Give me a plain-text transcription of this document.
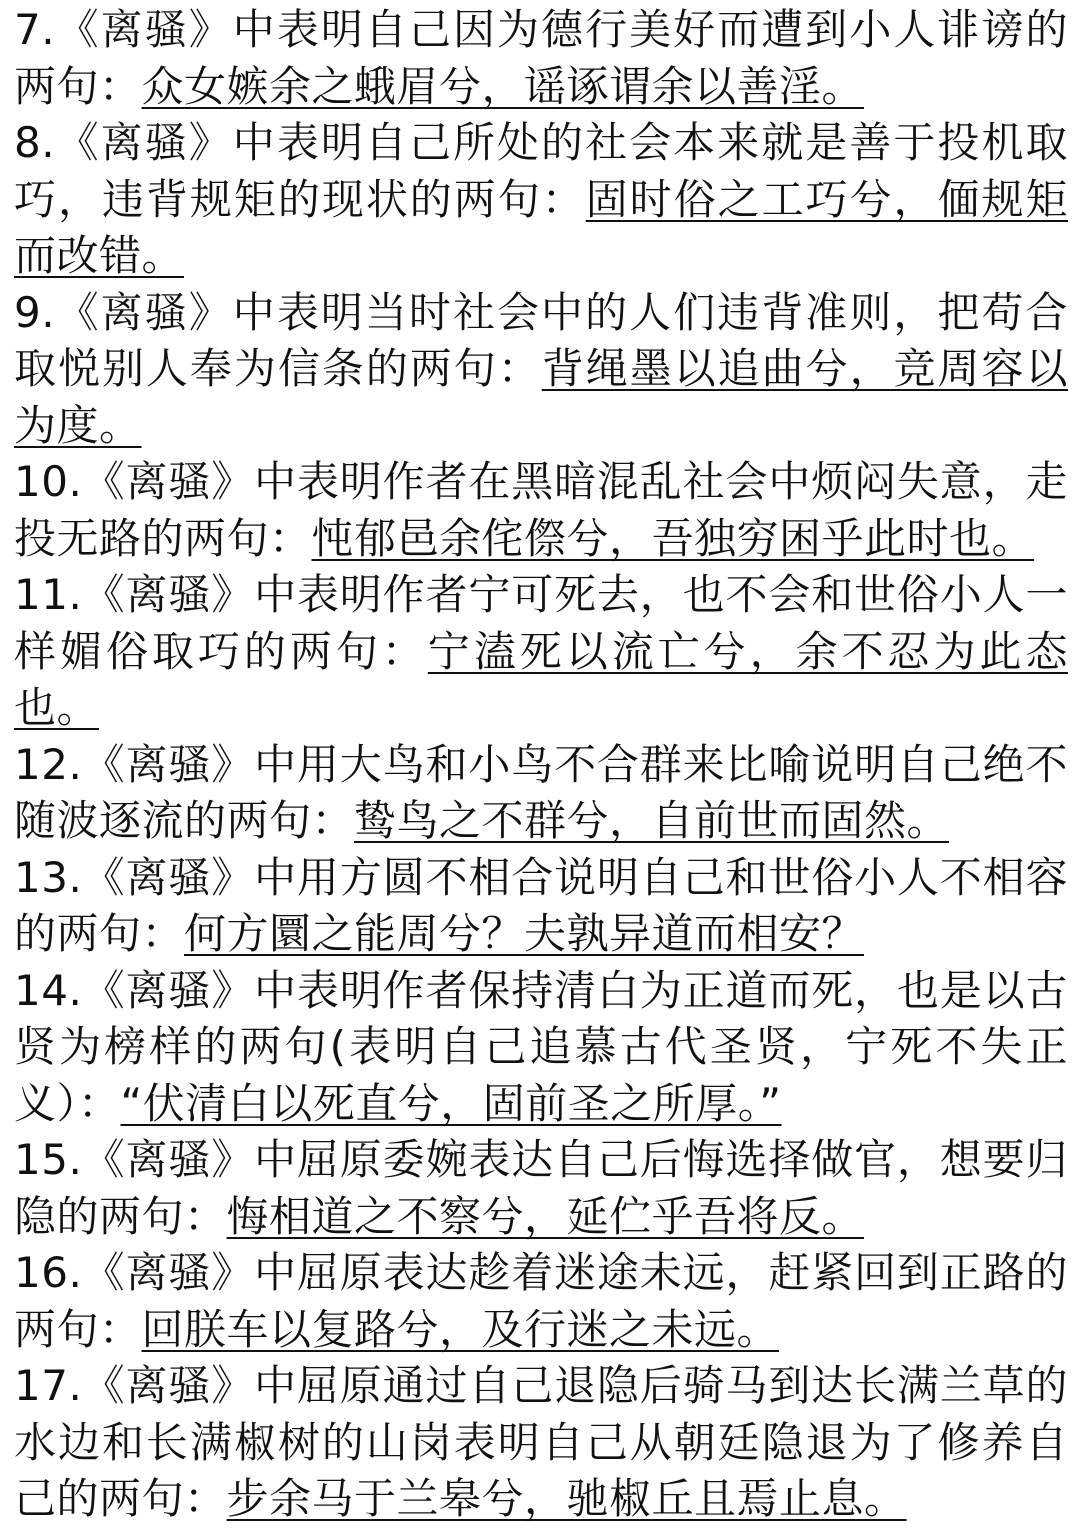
7.《离骚》中表明自己因为德行美好而遭到小人诽谤的两句：众女嫉余之蛾眉兮，谣诼谓余以善淫。

8.《离骚》中表明自己所处的社会本来就是善于投机取巧，违背规矩的现状的两句：固时俗之工巧兮，偭规矩而改错。

9.《离骚》中表明当时社会中的人们违背准则，把苟合取悦别人奉为信条的两句：背绳墨以追曲兮，竞周容以为度。

10.《离骚》中表明作者在黑暗混乱社会中烦闷失意，走投无路的两句：忳郁邑余侘傺兮，吾独穷困乎此时也。

11.《离骚》中表明作者宁可死去，也不会和世俗小人一样媚俗取巧的两句：宁溘死以流亡兮，余不忍为此态也。

12.《离骚》中用大鸟和小鸟不合群来比喻说明自己绝不随波逐流的两句：鸷鸟之不群兮，自前世而固然。

13.《离骚》中用方圆不相合说明自己和世俗小人不相容的两句：何方圜之能周兮？夫孰异道而相安？

14.《离骚》中表明作者保持清白为正道而死，也是以古贤为榜样的两句(表明自己追慕古代圣贤，宁死不失正义）：“伏清白以死直兮，固前圣之所厚。”

15.《离骚》中屈原委婉表达自己后悔选择做官，想要归隐的两句：悔相道之不察兮，延伫乎吾将反。

16.《离骚》中屈原表达趁着迷途未远，赶紧回到正路的两句：回朕车以复路兮，及行迷之未远。

17.《离骚》中屈原通过自己退隐后骑马到达长满兰草的水边和长满椒树的山岗表明自己从朝廷隐退为了修养自己的两句：步余马于兰皋兮，驰椒丘且焉止息。
